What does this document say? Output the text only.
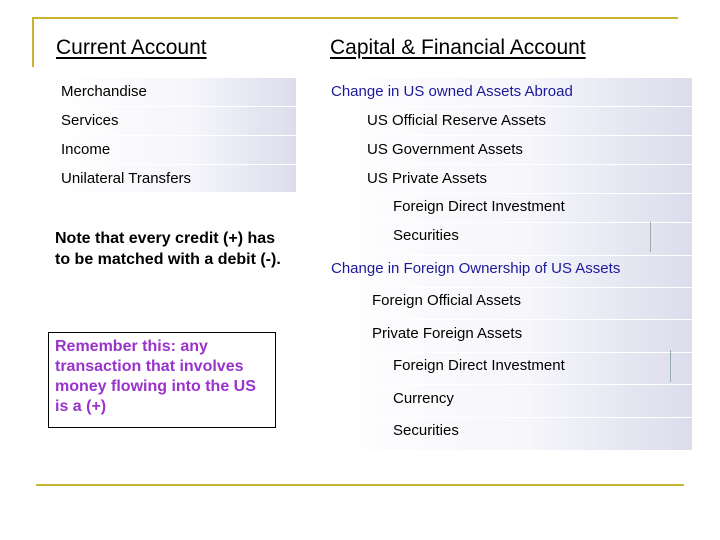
Current Account	Capital & Financial Account
Merchandise
Services
Income
Unilateral Transfers
Change in US owned Assets Abroad
US Official Reserve Assets
US Government Assets
US Private Assets
Foreign Direct Investment
Securities
Change in Foreign Ownership of US Assets
Foreign Official Assets
Private Foreign Assets
Foreign Direct Investment
Currency
Securities
Note that every credit (+) has to be matched with a debit (-).
Remember this: any transaction that involves money flowing into the US is a (+)
